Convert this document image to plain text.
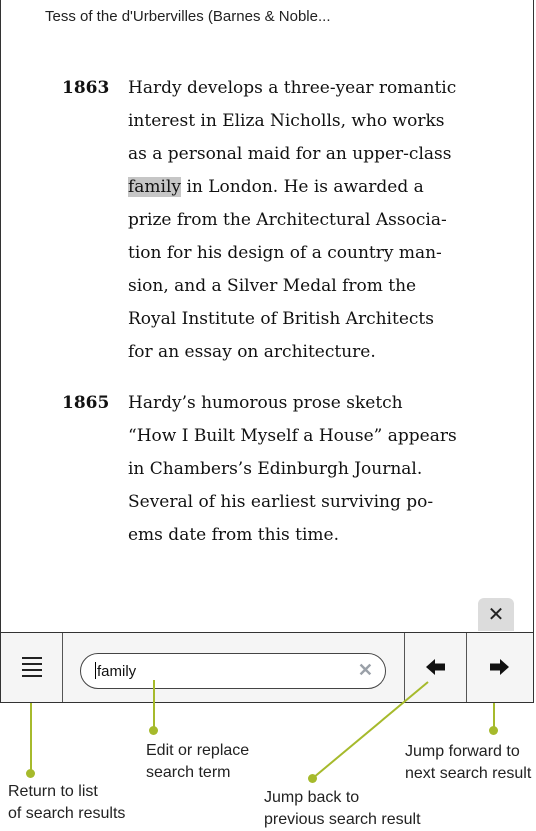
Tess of the d'Urbervilles (Barnes & Noble...
1863 Hardy develops a three-year romantic
interest in Eliza Nicholls, who works
as a personal maid for an upper-class
family in London. He is awarded a
prize from the Architectural Associa-
tion for his design of a country man-
sion, and a Silver Medal from the
Royal Institute of British Architects
for an essay on architecture.
1865 Hardy’s humorous prose sketch
“How I Built Myself a House” appears
in Chambers’s Edinburgh Journal.
Several of his earliest surviving po-
ems date from this time.
✕
family	✕
Return to list
of search results
Edit or replace
search term
Jump back to
previous search result
Jump forward to
next search result
